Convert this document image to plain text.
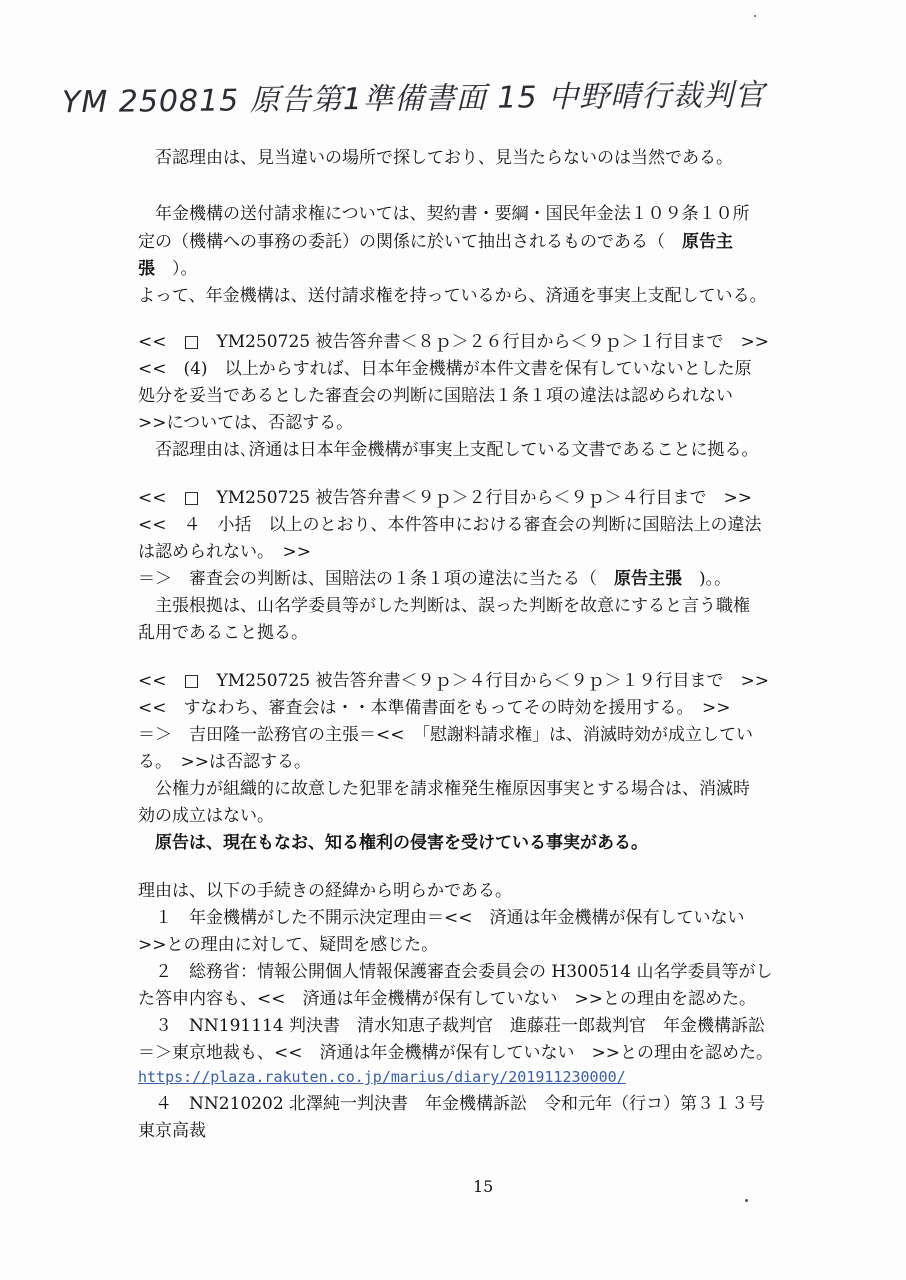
YM 250815 原告第1準備書面 15 中野晴行裁判官
　否認理由は、見当違いの場所で探しており、見当たらないのは当然である。
　年金機構の送付請求権については、契約書・要綱・国民年金法１０９条１０所
定の（機構への事務の委託）の関係に於いて抽出されるものである（　原告主
張　）。
よって、年金機構は、送付請求権を持っているから、済通を事実上支配している。
<<　□　YM250725 被告答弁書＜８ｐ＞２６行目から＜９ｐ＞１行目まで　>>
<<　(4)　以上からすれば、日本年金機構が本件文書を保有していないとした原
処分を妥当であるとした審査会の判断に国賠法１条１項の違法は認められない
>>については、否認する。
　否認理由は､済通は日本年金機構が事実上支配している文書であることに拠る。
<<　□　YM250725 被告答弁書＜９ｐ＞２行目から＜９ｐ＞４行目まで　>>
<<　４　小括　以上のとおり、本件答申における審査会の判断に国賠法上の違法
は認められない。　>>
＝＞　審査会の判断は、国賠法の１条１項の違法に当たる（　原告主張　)。。
　主張根拠は、山名学委員等がした判断は、誤った判断を故意にすると言う職権
乱用であること拠る。
<<　□　YM250725 被告答弁書＜９ｐ＞４行目から＜９ｐ＞１９行目まで　>>
<<　すなわち、審査会は・・本準備書面をもってその時効を援用する。　>>
＝＞　吉田隆一訟務官の主張＝<<　「慰謝料請求権」は、消滅時効が成立してい
る。　>>は否認する。
　公権力が組織的に故意した犯罪を請求権発生権原因事実とする場合は、消滅時
効の成立はない。
　原告は、現在もなお、知る権利の侵害を受けている事実がある。
理由は、以下の手続きの経緯から明らかである。
　１　年金機構がした不開示決定理由＝<<　済通は年金機構が保有していない
>>との理由に対して、疑問を感じた。
　２　総務省：情報公開個人情報保護審査会委員会の H300514 山名学委員等がし
た答申内容も、<<　済通は年金機構が保有していない　>>との理由を認めた。
　３　NN191114 判決書　清水知恵子裁判官　進藤荘一郎裁判官　年金機構訴訟
＝＞東京地裁も、<<　済通は年金機構が保有していない　>>との理由を認めた。
https://plaza.rakuten.co.jp/marius/diary/201911230000/
　４　NN210202 北澤純一判決書　年金機構訴訟　令和元年（行コ）第３１３号
東京高裁
15
